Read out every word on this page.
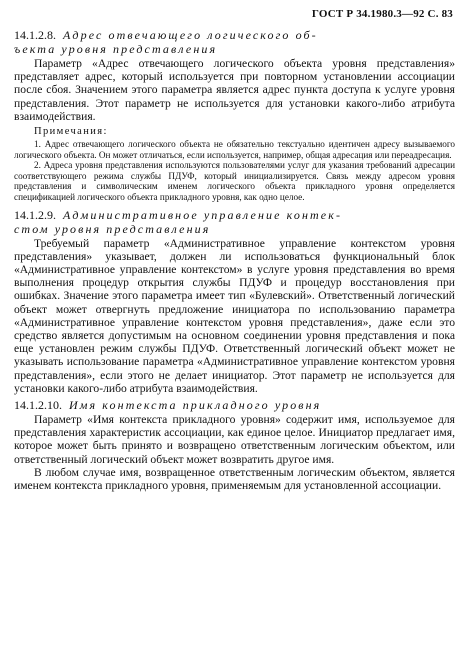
ГОСТ Р 34.1980.3—92 С. 83
14.1.2.8. Адрес отвечающего логического об-
ъекта уровня представления

Параметр «Адрес отвечающего логического объекта уровня представления» представляет адрес, который используется при повторном установлении ассоциации после сбоя. Значением этого параметра является адрес пункта доступа к услуге уровня представления. Этот параметр не используется для установки какого-либо атрибута взаимодействия.

Примечания:

1. Адрес отвечающего логического объекта не обязательно текстуально идентичен адресу вызываемого логического объекта. Он может отличаться, если используется, например, общая адресация или переадресация.

2. Адреса уровня представления используются пользователями услуг для указания требований адресации соответствующего режима службы ПДУФ, который инициализируется. Связь между адресом уровня представления и символическим именем логического объекта прикладного уровня определяется спецификацией логического объекта прикладного уровня, как одно целое.

14.1.2.9. Административное управление контек-
стом уровня представления

Требуемый параметр «Административное управление контекстом уровня представления» указывает, должен ли использоваться функциональный блок «Административное управление контекстом» в услуге уровня представления во время выполнения процедур открытия службы ПДУФ и процедур восстановления при ошибках. Значение этого параметра имеет тип «Булевский». Ответственный логический объект может отвергнуть предложение инициатора по использованию параметра «Административное управление контекстом уровня представления», даже если это средство является допустимым на основном соединении уровня представления и пока еще установлен режим службы ПДУФ. Ответственный логический объект может не указывать использование параметра «Административное управление контекстом уровня представления», если этого не делает инициатор. Этот параметр не используется для установки какого-либо атрибута взаимодействия.

14.1.2.10. Имя контекста прикладного уровня

Параметр «Имя контекста прикладного уровня» содержит имя, используемое для представления характеристик ассоциации, как единое целое. Инициатор предлагает имя, которое может быть принято и возвращено ответственным логическим объектом, или ответственный логический объект может возвратить другое имя.

В любом случае имя, возвращенное ответственным логическим объектом, является именем контекста прикладного уровня, применяемым для установленной ассоциации.
